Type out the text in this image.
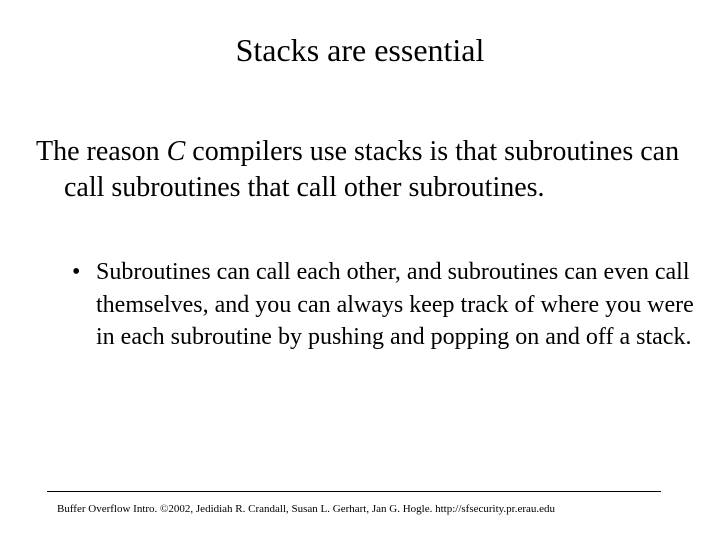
Stacks are essential
The reason C compilers use stacks is that subroutines can call subroutines that call other subroutines.
• Subroutines can call each other, and subroutines can even call themselves, and you can always keep track of where you were in each subroutine by pushing and popping on and off a stack.
Buffer Overflow Intro. ©2002, Jedidiah R. Crandall, Susan L. Gerhart, Jan G. Hogle. http://sfsecurity.pr.erau.edu
